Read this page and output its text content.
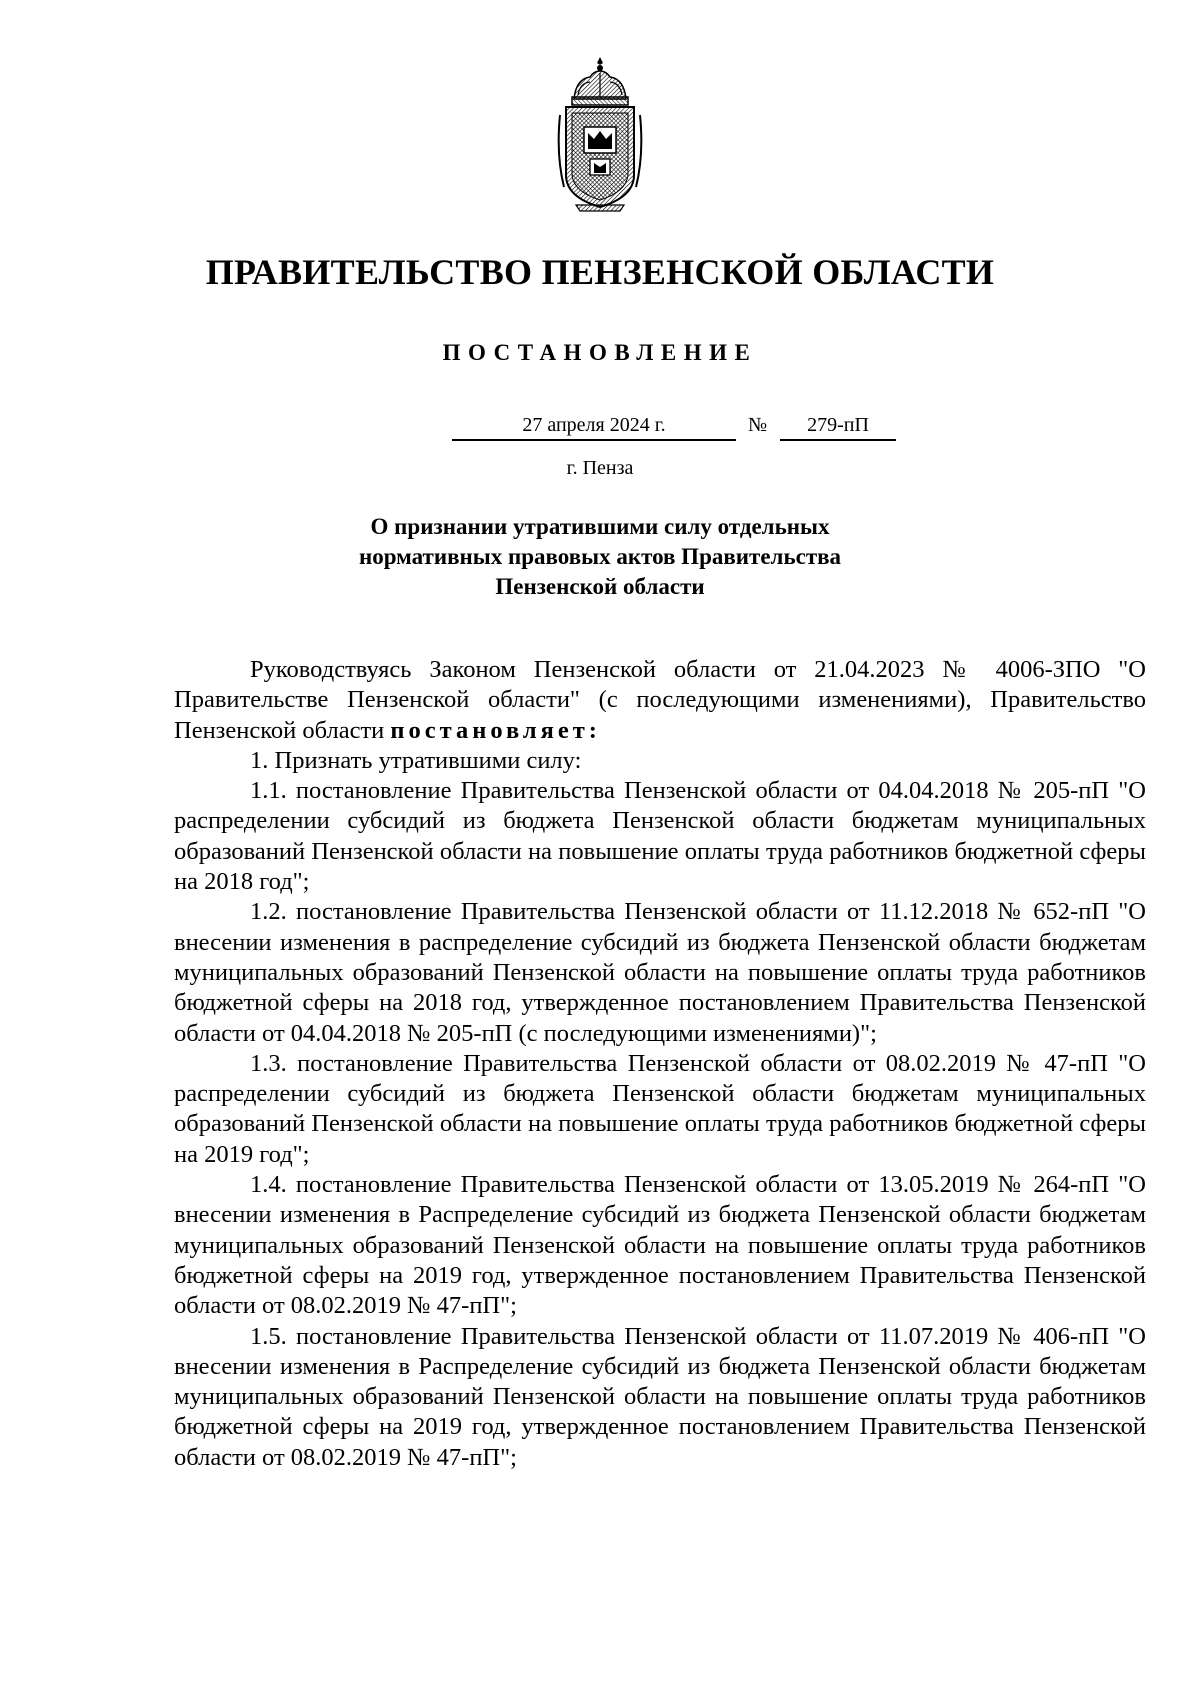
ПРАВИТЕЛЬСТВО ПЕНЗЕНСКОЙ ОБЛАСТИ
ПОСТАНОВЛЕНИЕ
27 апреля 2024 г.	№	279-пП
г. Пенза
О признании утратившими силу отдельных
нормативных правовых актов Правительства
Пензенской области

Руководствуясь Законом Пензенской области от 21.04.2023 № 4006-ЗПО "О Правительстве Пензенской области" (с последующими изменениями), Правительство Пензенской области постановляет:

1. Признать утратившими силу:

1.1. постановление Правительства Пензенской области от 04.04.2018 № 205-пП "О распределении субсидий из бюджета Пензенской области бюджетам муниципальных образований Пензенской области на повышение оплаты труда работников бюджетной сферы на 2018 год";

1.2. постановление Правительства Пензенской области от 11.12.2018 № 652-пП "О внесении изменения в распределение субсидий из бюджета Пензенской области бюджетам муниципальных образований Пензенской области на повышение оплаты труда работников бюджетной сферы на 2018 год, утвержденное постановлением Правительства Пензенской области от 04.04.2018 № 205-пП (с последующими изменениями)";

1.3. постановление Правительства Пензенской области от 08.02.2019 № 47-пП "О распределении субсидий из бюджета Пензенской области бюджетам муниципальных образований Пензенской области на повышение оплаты труда работников бюджетной сферы на 2019 год";

1.4. постановление Правительства Пензенской области от 13.05.2019 № 264-пП "О внесении изменения в Распределение субсидий из бюджета Пензенской области бюджетам муниципальных образований Пензенской области на повышение оплаты труда работников бюджетной сферы на 2019 год, утвержденное постановлением Правительства Пензенской области от 08.02.2019 № 47-пП";

1.5. постановление Правительства Пензенской области от 11.07.2019 № 406-пП "О внесении изменения в Распределение субсидий из бюджета Пензенской области бюджетам муниципальных образований Пензенской области на повышение оплаты труда работников бюджетной сферы на 2019 год, утвержденное постановлением Правительства Пензенской области от 08.02.2019 № 47-пП";
